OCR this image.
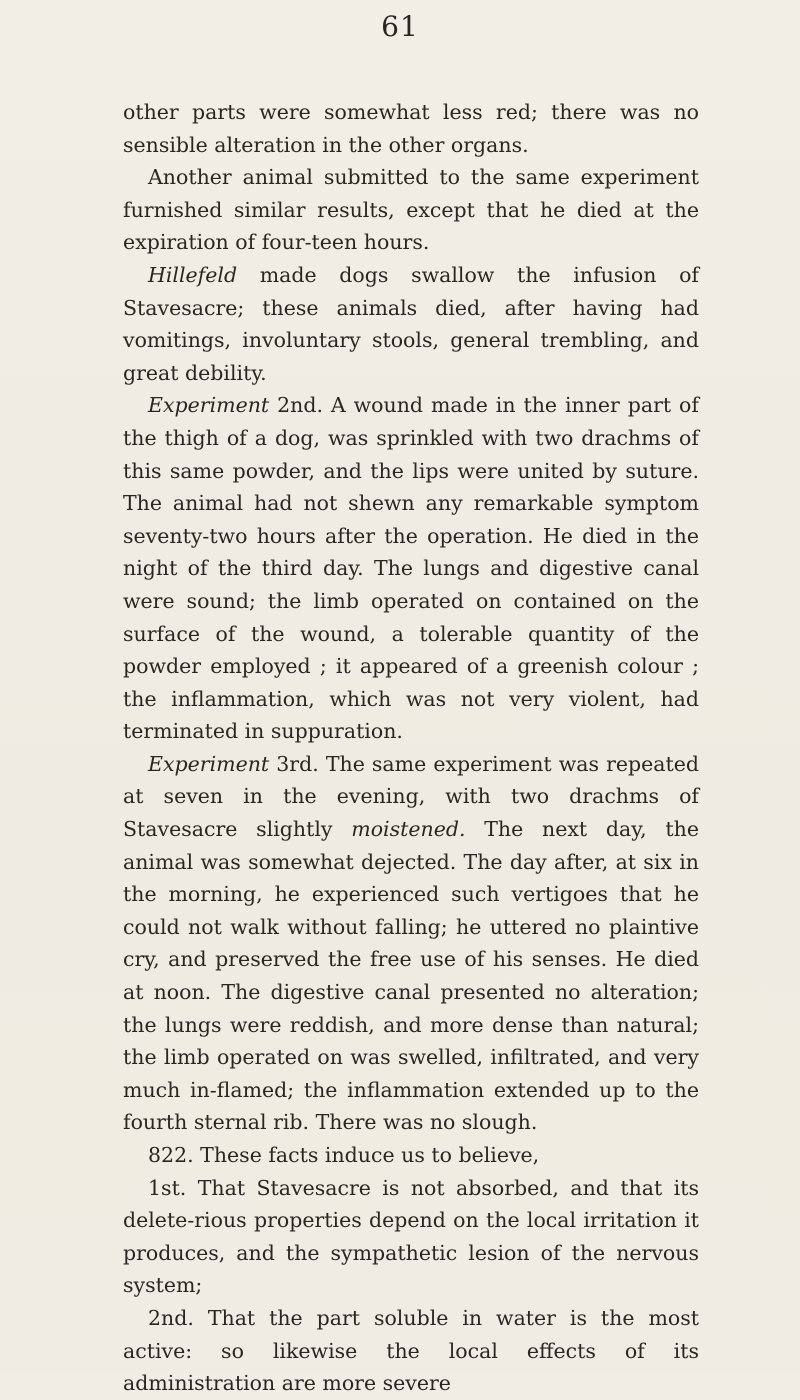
61

other parts were somewhat less red; there was no sensible alteration in the other organs.

Another animal submitted to the same experiment furnished similar results, except that he died at the expiration of four-teen hours.

Hillefeld made dogs swallow the infusion of Stavesacre; these animals died, after having had vomitings, involuntary stools, general trembling, and great debility.

Experiment 2nd. A wound made in the inner part of the thigh of a dog, was sprinkled with two drachms of this same powder, and the lips were united by suture. The animal had not shewn any remarkable symptom seventy-two hours after the operation. He died in the night of the third day. The lungs and digestive canal were sound; the limb operated on contained on the surface of the wound, a tolerable quantity of the powder employed ; it appeared of a greenish colour ; the inflammation, which was not very violent, had terminated in suppuration.

Experiment 3rd. The same experiment was repeated at seven in the evening, with two drachms of Stavesacre slightly moistened. The next day, the animal was somewhat dejected. The day after, at six in the morning, he experienced such vertigoes that he could not walk without falling; he uttered no plaintive cry, and preserved the free use of his senses. He died at noon. The digestive canal presented no alteration; the lungs were reddish, and more dense than natural; the limb operated on was swelled, infiltrated, and very much in-flamed; the inflammation extended up to the fourth sternal rib. There was no slough.

822. These facts induce us to believe,

1st. That Stavesacre is not absorbed, and that its delete-rious properties depend on the local irritation it produces, and the sympathetic lesion of the nervous system;

2nd. That the part soluble in water is the most active: so likewise the local effects of its administration are more severe
